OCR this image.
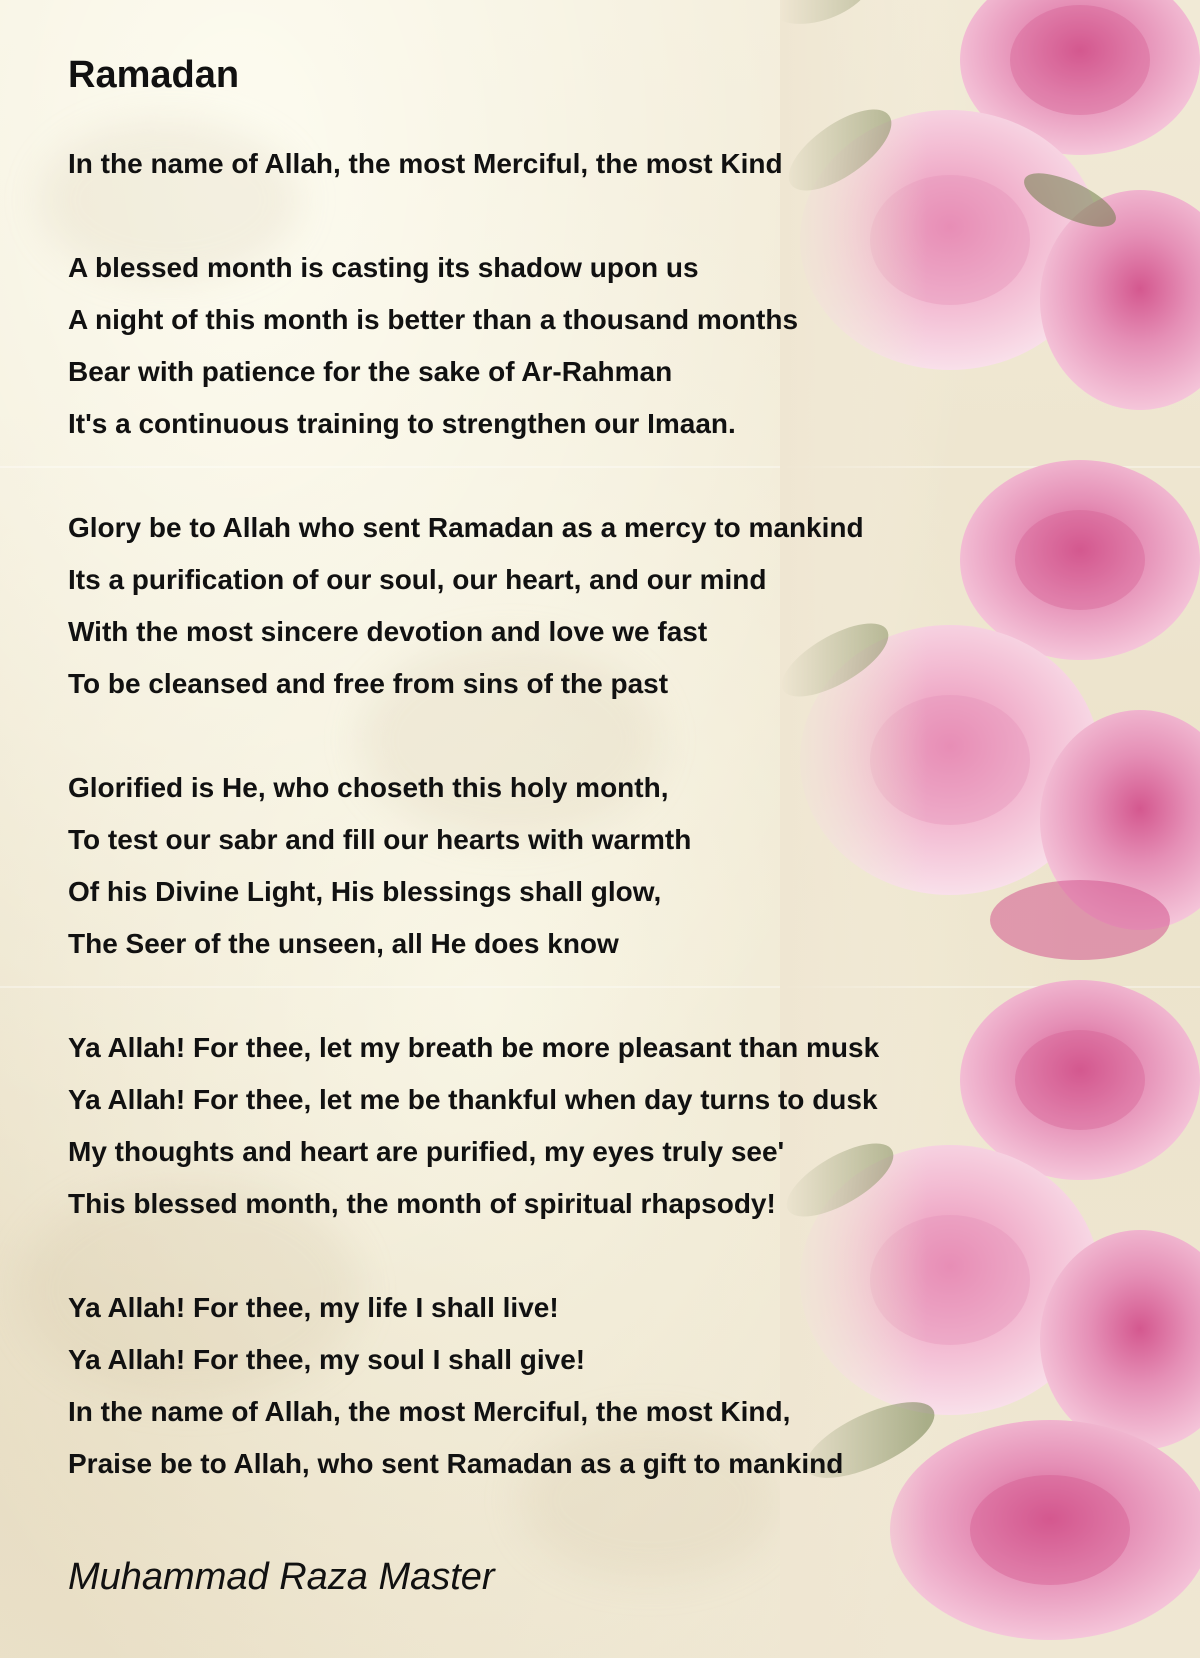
Ramadan
In the name of Allah, the most Merciful, the most Kind
A blessed month is casting its shadow upon us
A night of this month is better than a thousand months
Bear with patience for the sake of Ar-Rahman
It's a continuous training to strengthen our Imaan.
Glory be to Allah who sent Ramadan as a mercy to mankind
Its a purification of our soul, our heart, and our mind
With the most sincere devotion and love we fast
To be cleansed and free from sins of the past
Glorified is He, who choseth this holy month,
To test our sabr and fill our hearts with warmth
Of his Divine Light, His blessings shall glow,
The Seer of the unseen, all He does know
Ya Allah! For thee, let my breath be more pleasant than musk
Ya Allah! For thee, let me be thankful when day turns to dusk
My thoughts and heart are purified, my eyes truly see'
This blessed month, the month of spiritual rhapsody!
Ya Allah! For thee, my life I shall live!
Ya Allah! For thee, my soul I shall give!
In the name of Allah, the most Merciful, the most Kind,
Praise be to Allah, who sent Ramadan as a gift to mankind
Muhammad Raza Master
